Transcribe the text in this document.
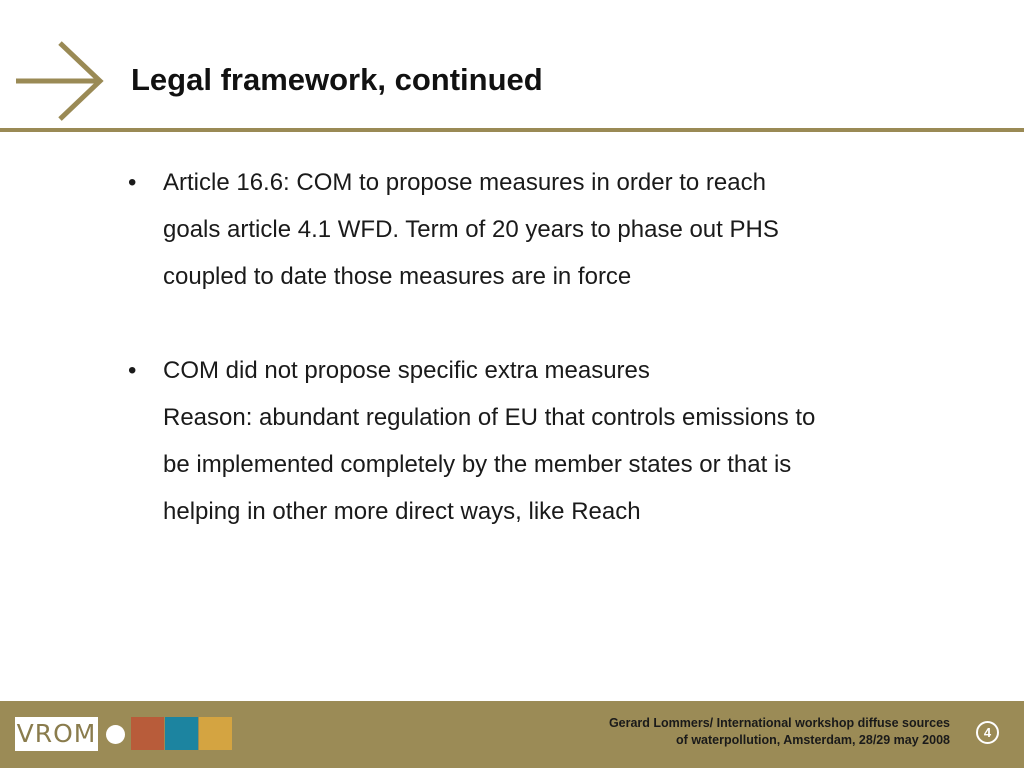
Legal framework, continued
• Article 16.6: COM to propose measures in order to reach
goals article 4.1 WFD. Term of 20 years to phase out PHS
coupled to date those measures are in force
• COM did not propose specific extra measures
Reason: abundant regulation of EU that controls emissions to
be implemented completely by the member states or that is
helping in other more direct ways, like Reach
VROM	Gerard Lommers/ International workshop diffuse sources
of waterpollution, Amsterdam, 28/29 may 2008	4
